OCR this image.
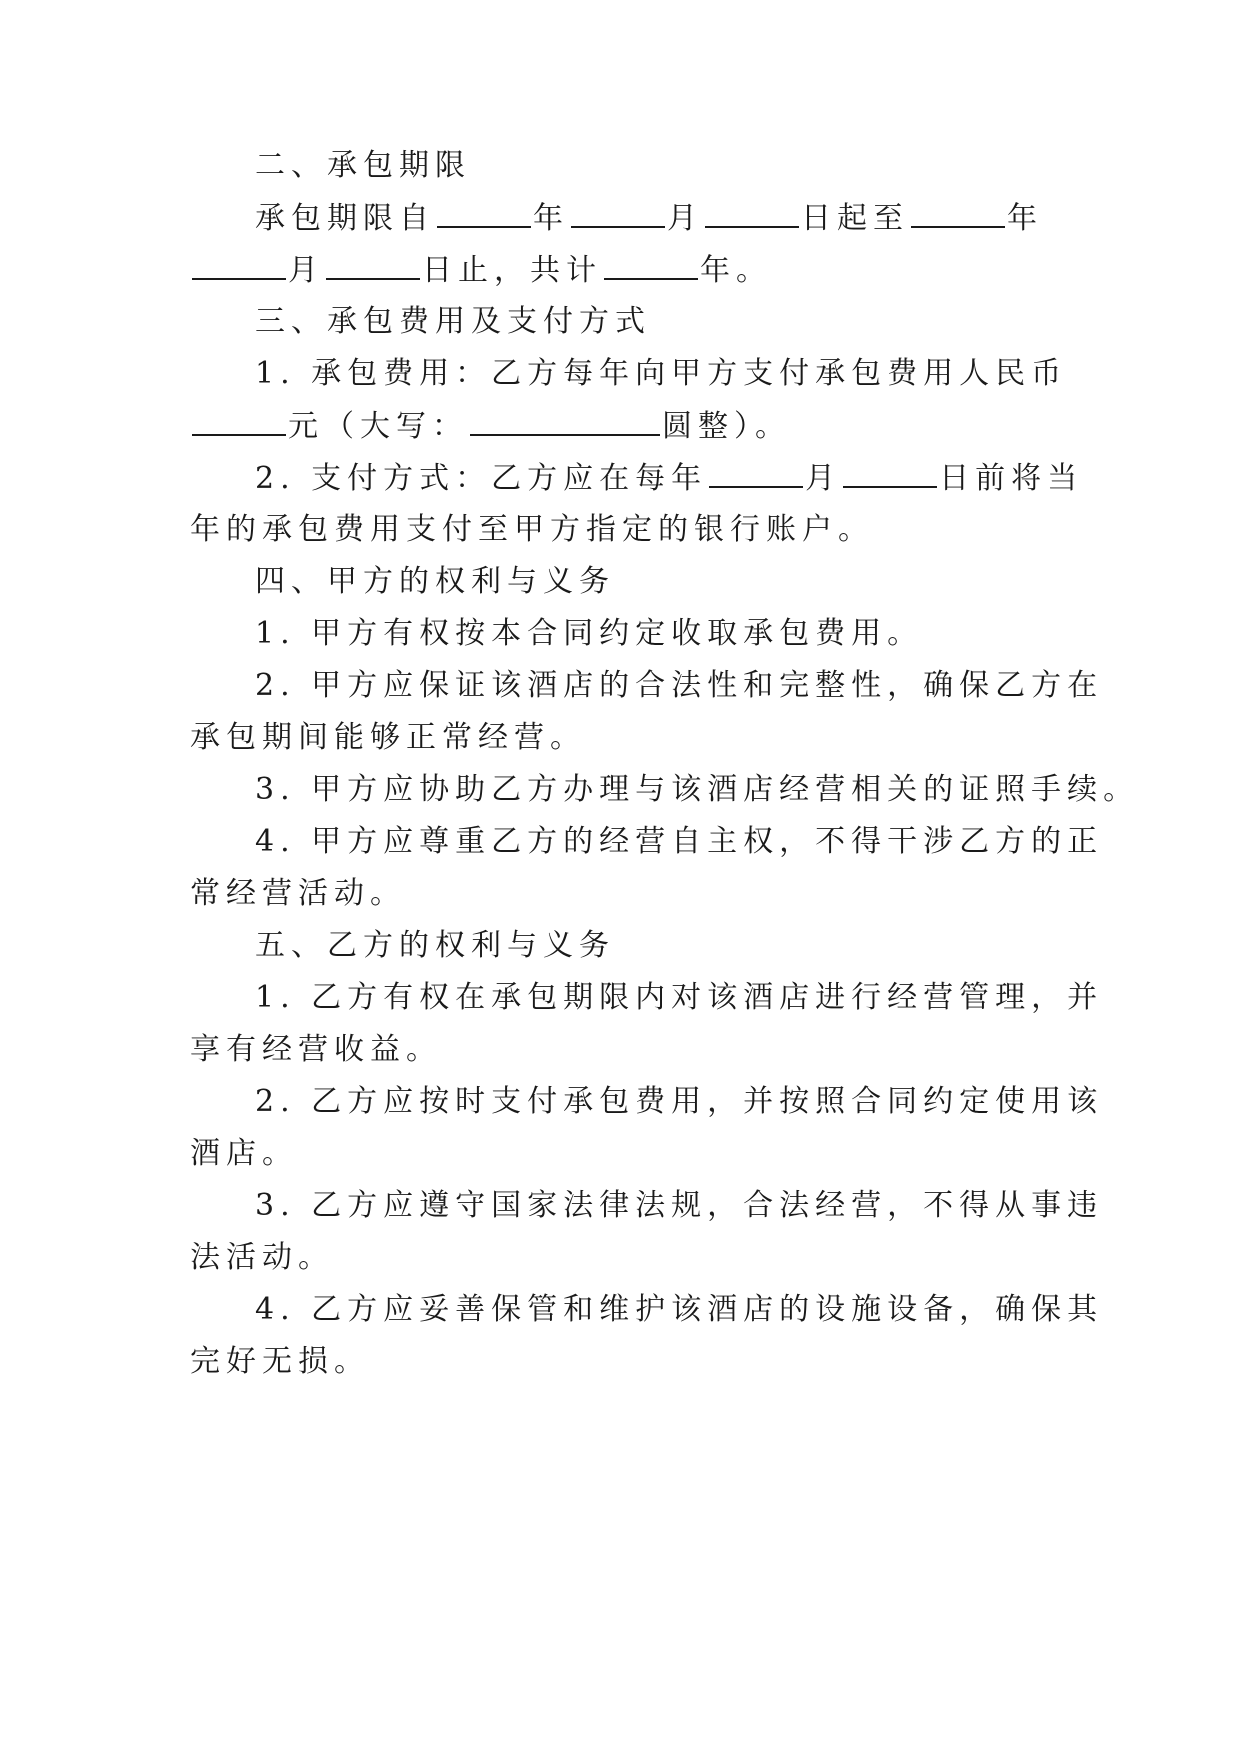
二、承包期限
承包期限自	年	月	日起至	年
月	日止，共计	年。
三、承包费用及支付方式
1. 承包费用：乙方每年向甲方支付承包费用人民币
元（大写：	圆整）。
2. 支付方式：乙方应在每年	月	日前将当
年的承包费用支付至甲方指定的银行账户。
四、甲方的权利与义务
1. 甲方有权按本合同约定收取承包费用。
2. 甲方应保证该酒店的合法性和完整性，确保乙方在
承包期间能够正常经营。
3. 甲方应协助乙方办理与该酒店经营相关的证照手续。
4. 甲方应尊重乙方的经营自主权，不得干涉乙方的正
常经营活动。
五、乙方的权利与义务
1. 乙方有权在承包期限内对该酒店进行经营管理，并
享有经营收益。
2. 乙方应按时支付承包费用，并按照合同约定使用该
酒店。
3. 乙方应遵守国家法律法规，合法经营，不得从事违
法活动。
4. 乙方应妥善保管和维护该酒店的设施设备，确保其
完好无损。
